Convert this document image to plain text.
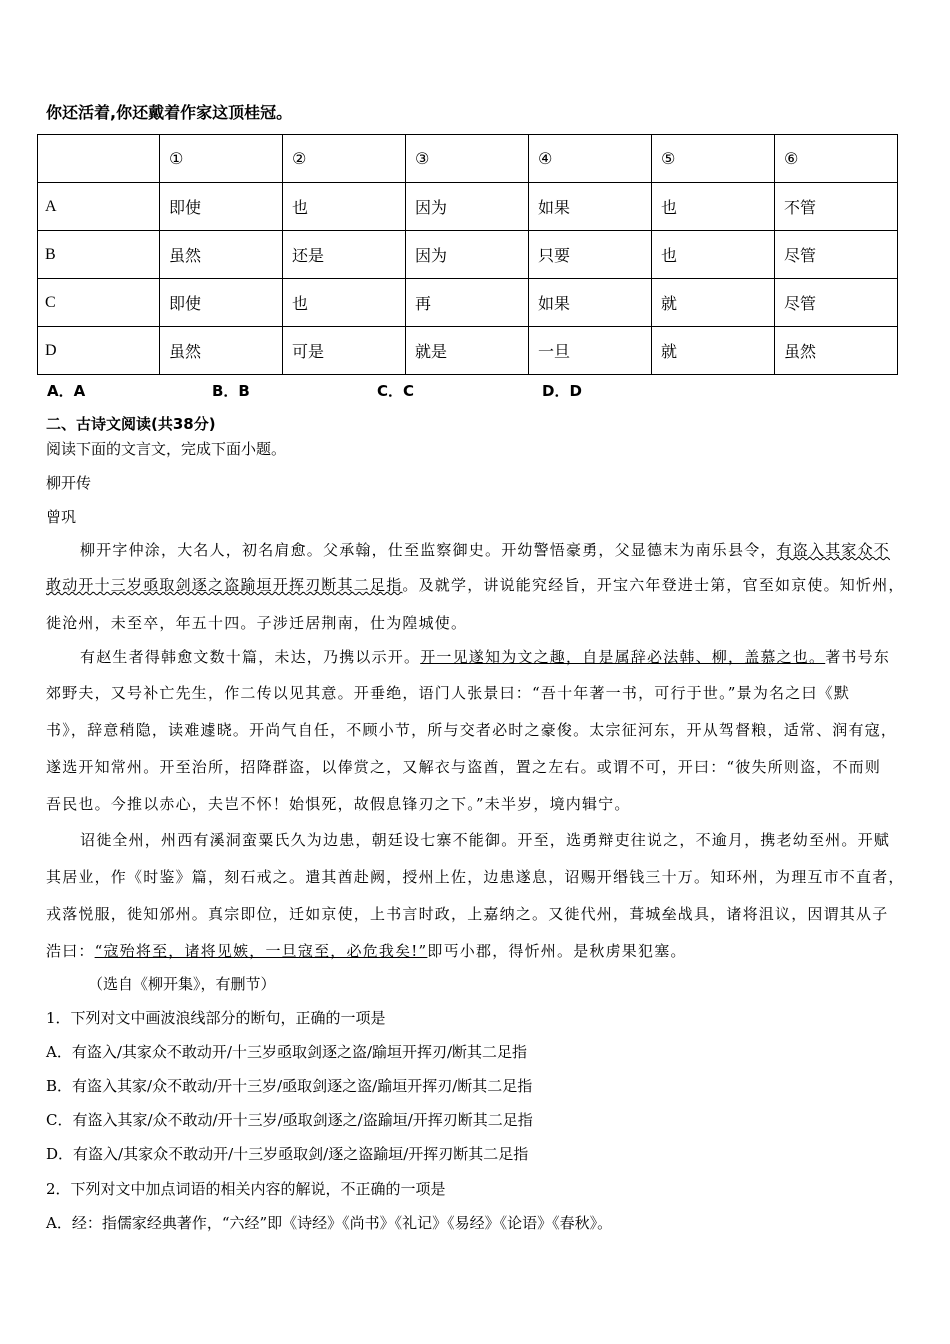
你还活着,你还戴着作家这顶桂冠。
	①	②	③	④	⑤	⑥
A	即使	也	因为	如果	也	不管
B	虽然	还是	因为	只要	也	尽管
C	即使	也	再	如果	就	尽管
D	虽然	可是	就是	一旦	就	虽然
A．A	B．B	C．C	D．D
二、古诗文阅读(共38分)
阅读下面的文言文，完成下面小题。
柳开传
曾巩
柳开字仲涂，大名人，初名肩愈。父承翰，仕至监察御史。开幼警悟豪勇，父显德末为南乐县令，有盗入其家众不
敢动开十三岁亟取剑逐之盗踰垣开挥刃断其二足指。及就学，讲说能究经旨，开宝六年登进士第，官至如京使。知忻州，
徙沧州，未至卒，年五十四。子涉迁居荆南，仕为隍城使。
有赵生者得韩愈文数十篇，未达，乃携以示开。开一见遂知为文之趣，自是属辞必法韩、柳，盖慕之也。著书号东
郊野夫，又号补亡先生，作二传以见其意。开垂绝，语门人张景曰：“吾十年著一书，可行于世。”景为名之曰《默
书》，辞意稍隐，读难遽晓。开尚气自任，不顾小节，所与交者必时之豪俊。太宗征河东，开从驾督粮，适常、润有寇，
遂选开知常州。开至治所，招降群盗，以俸赏之，又解衣与盗酋，置之左右。或谓不可，开曰：“彼失所则盗，不而则
吾民也。今推以赤心，夫岂不怀！始惧死，故假息锋刃之下。”未半岁，境内辑宁。
诏徙全州，州西有溪洞蛮粟氏久为边患，朝廷设七寨不能御。开至，选勇辩吏往说之，不逾月，携老幼至州。开赋
其居业，作《时鉴》篇，刻石戒之。遣其酋赴阙，授州上佐，边患遂息，诏赐开缗钱三十万。知环州，为理互市不直者，
戎落悦服，徙知邠州。真宗即位，迁如京使，上书言时政，上嘉纳之。又徙代州，葺城垒战具，诸将沮议，因谓其从子
浩曰：“寇殆将至，诸将见嫉，一旦寇至，必危我矣!”即丐小郡，得忻州。是秋虏果犯塞。
（选自《柳开集》，有删节）
1．下列对文中画波浪线部分的断句，正确的一项是
A．有盗入/其家众不敢动开/十三岁亟取剑逐之盗/踰垣开挥刃/断其二足指
B．有盗入其家/众不敢动/开十三岁/亟取剑逐之盗/踰垣开挥刃/断其二足指
C．有盗入其家/众不敢动/开十三岁/亟取剑逐之/盗踰垣/开挥刃断其二足指
D．有盗入/其家众不敢动开/十三岁亟取剑/逐之盗踰垣/开挥刃断其二足指
2．下列对文中加点词语的相关内容的解说，不正确的一项是
A．经：指儒家经典著作，“六经”即《诗经》《尚书》《礼记》《易经》《论语》《春秋》。
